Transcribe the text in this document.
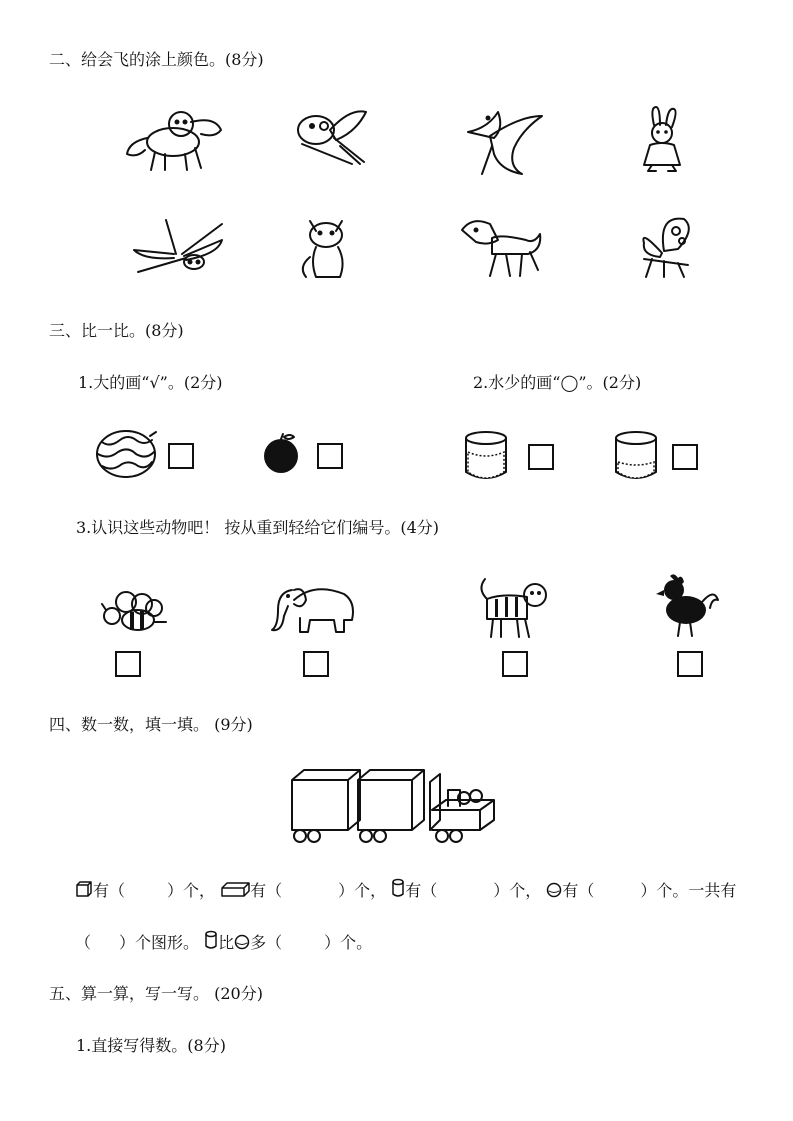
二、给会飞的涂上颜色。(8分)
三、比一比。(8分)
1.大的画“√”。(2分)	2.水少的画“◯”。(2分)
3.认识这些动物吧！ 按从重到轻给它们编号。(4分)
四、数一数，填一填。 (9分)
有（	）个， 有（	）个， 有（	）个， 有（	）个。一共有
（ ）个图形。 比 多（	）个。
五、算一算，写一写。 (20分)
1.直接写得数。(8分)
